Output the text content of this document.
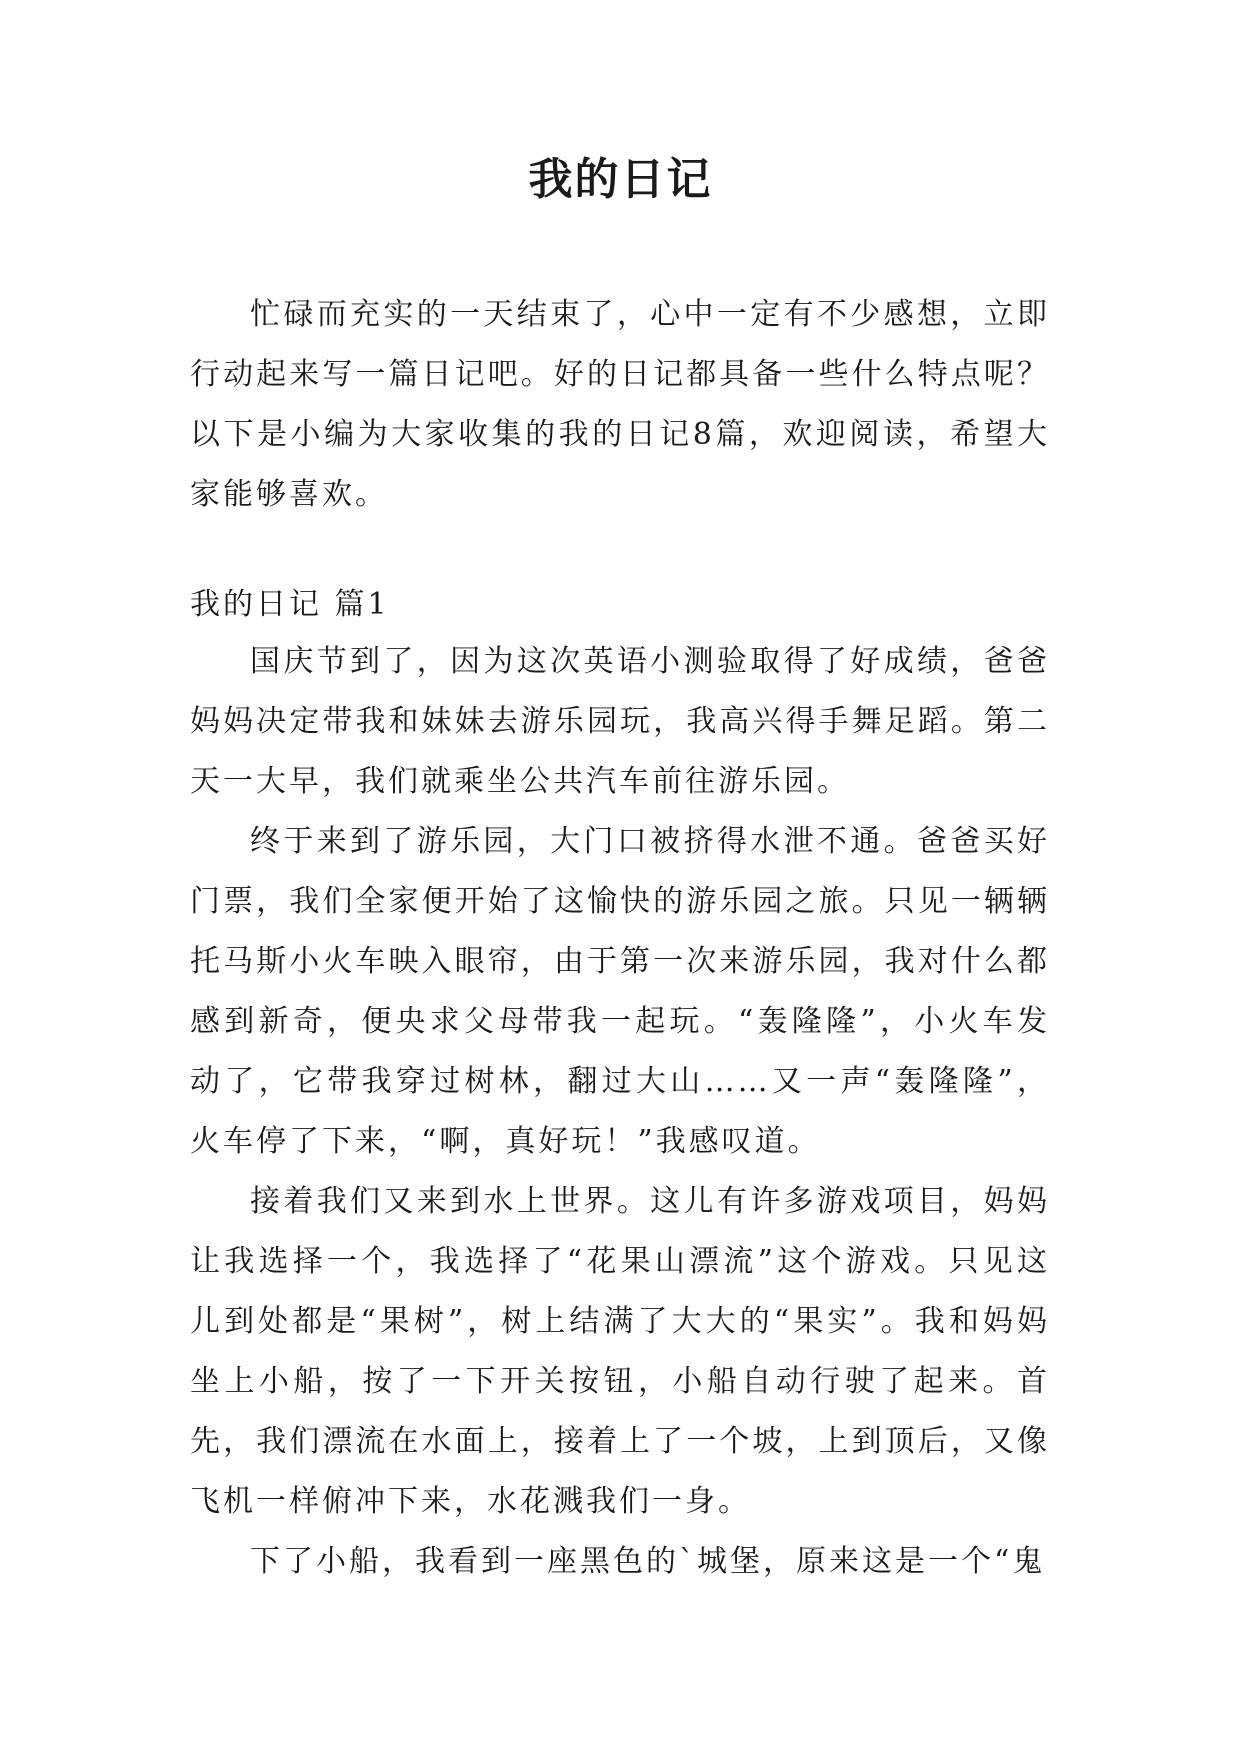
我的日记

忙碌而充实的一天结束了，心中一定有不少感想，立即行动起来写一篇日记吧。好的日记都具备一些什么特点呢？以下是小编为大家收集的我的日记8篇，欢迎阅读，希望大家能够喜欢。

我的日记 篇1

国庆节到了，因为这次英语小测验取得了好成绩，爸爸妈妈决定带我和妹妹去游乐园玩，我高兴得手舞足蹈。第二天一大早，我们就乘坐公共汽车前往游乐园。

终于来到了游乐园，大门口被挤得水泄不通。爸爸买好门票，我们全家便开始了这愉快的游乐园之旅。只见一辆辆托马斯小火车映入眼帘，由于第一次来游乐园，我对什么都感到新奇，便央求父母带我一起玩。“轰隆隆”，小火车发动了，它带我穿过树林，翻过大山……又一声“轰隆隆”，火车停了下来，“啊，真好玩！”我感叹道。

接着我们又来到水上世界。这儿有许多游戏项目，妈妈让我选择一个，我选择了“花果山漂流”这个游戏。只见这儿到处都是“果树”，树上结满了大大的“果实”。我和妈妈坐上小船，按了一下开关按钮，小船自动行驶了起来。首先，我们漂流在水面上，接着上了一个坡，上到顶后，又像飞机一样俯冲下来，水花溅我们一身。

下了小船，我看到一座黑色的`城堡，原来这是一个“鬼
